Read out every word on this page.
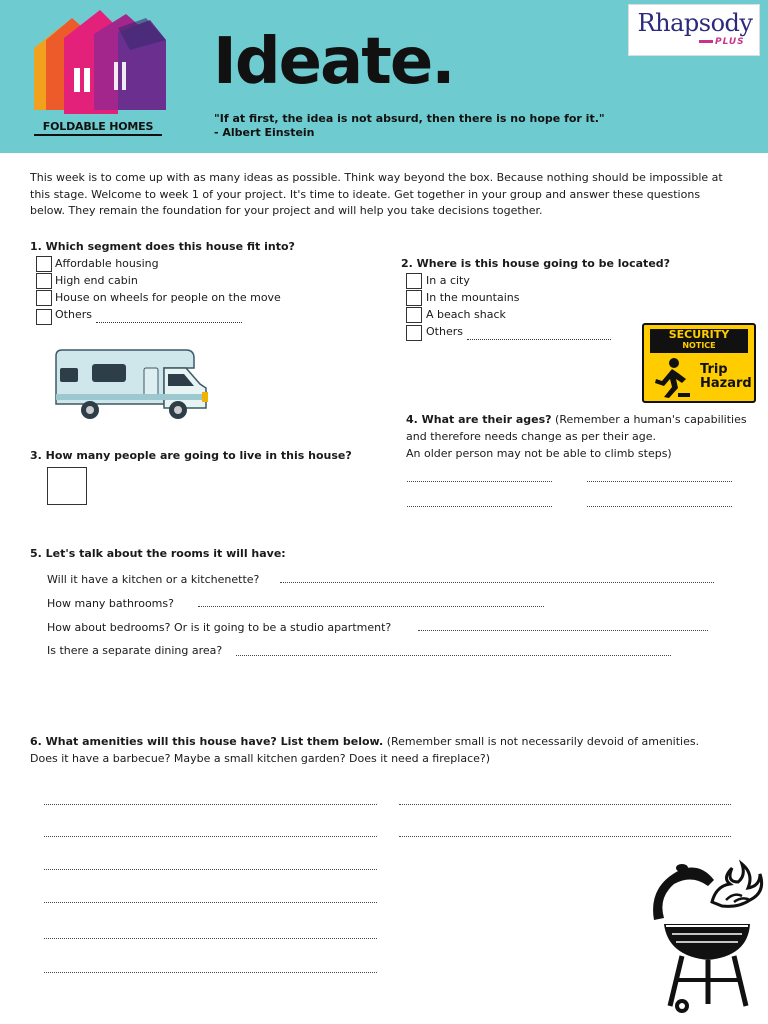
FOLDABLE HOMES
Ideate.
"If at first, the idea is not absurd, then there is no hope for it."
- Albert Einstein
Rhapsody
PLUS
This week is to come up with as many ideas as possible. Think way beyond the box. Because nothing should be impossible at this stage. Welcome to week 1 of your project. It's time to ideate. Get together in your group and answer these questions below. They remain the foundation for your project and will help you take decisions together.
1. Which segment does this house fit into?
Affordable housing
High end cabin
House on wheels for people on the move
Others
2. Where is this house going to be located?
In a city
In the mountains
A beach shack
Others	SECURITY
NOTICE
Trip
Hazard
4. What are their ages? (Remember a human's capabilities
and therefore needs change as per their age.
An older person may not be able to climb steps)
3. How many people are going to live in this house?
5. Let's talk about the rooms it will have:
Will it have a kitchen or a kitchenette?
How many bathrooms?
How about bedrooms? Or is it going to be a studio apartment?
Is there a separate dining area?
6. What amenities will this house have? List them below. (Remember small is not necessarily devoid of amenities.
Does it have a barbecue? Maybe a small kitchen garden? Does it need a fireplace?)
